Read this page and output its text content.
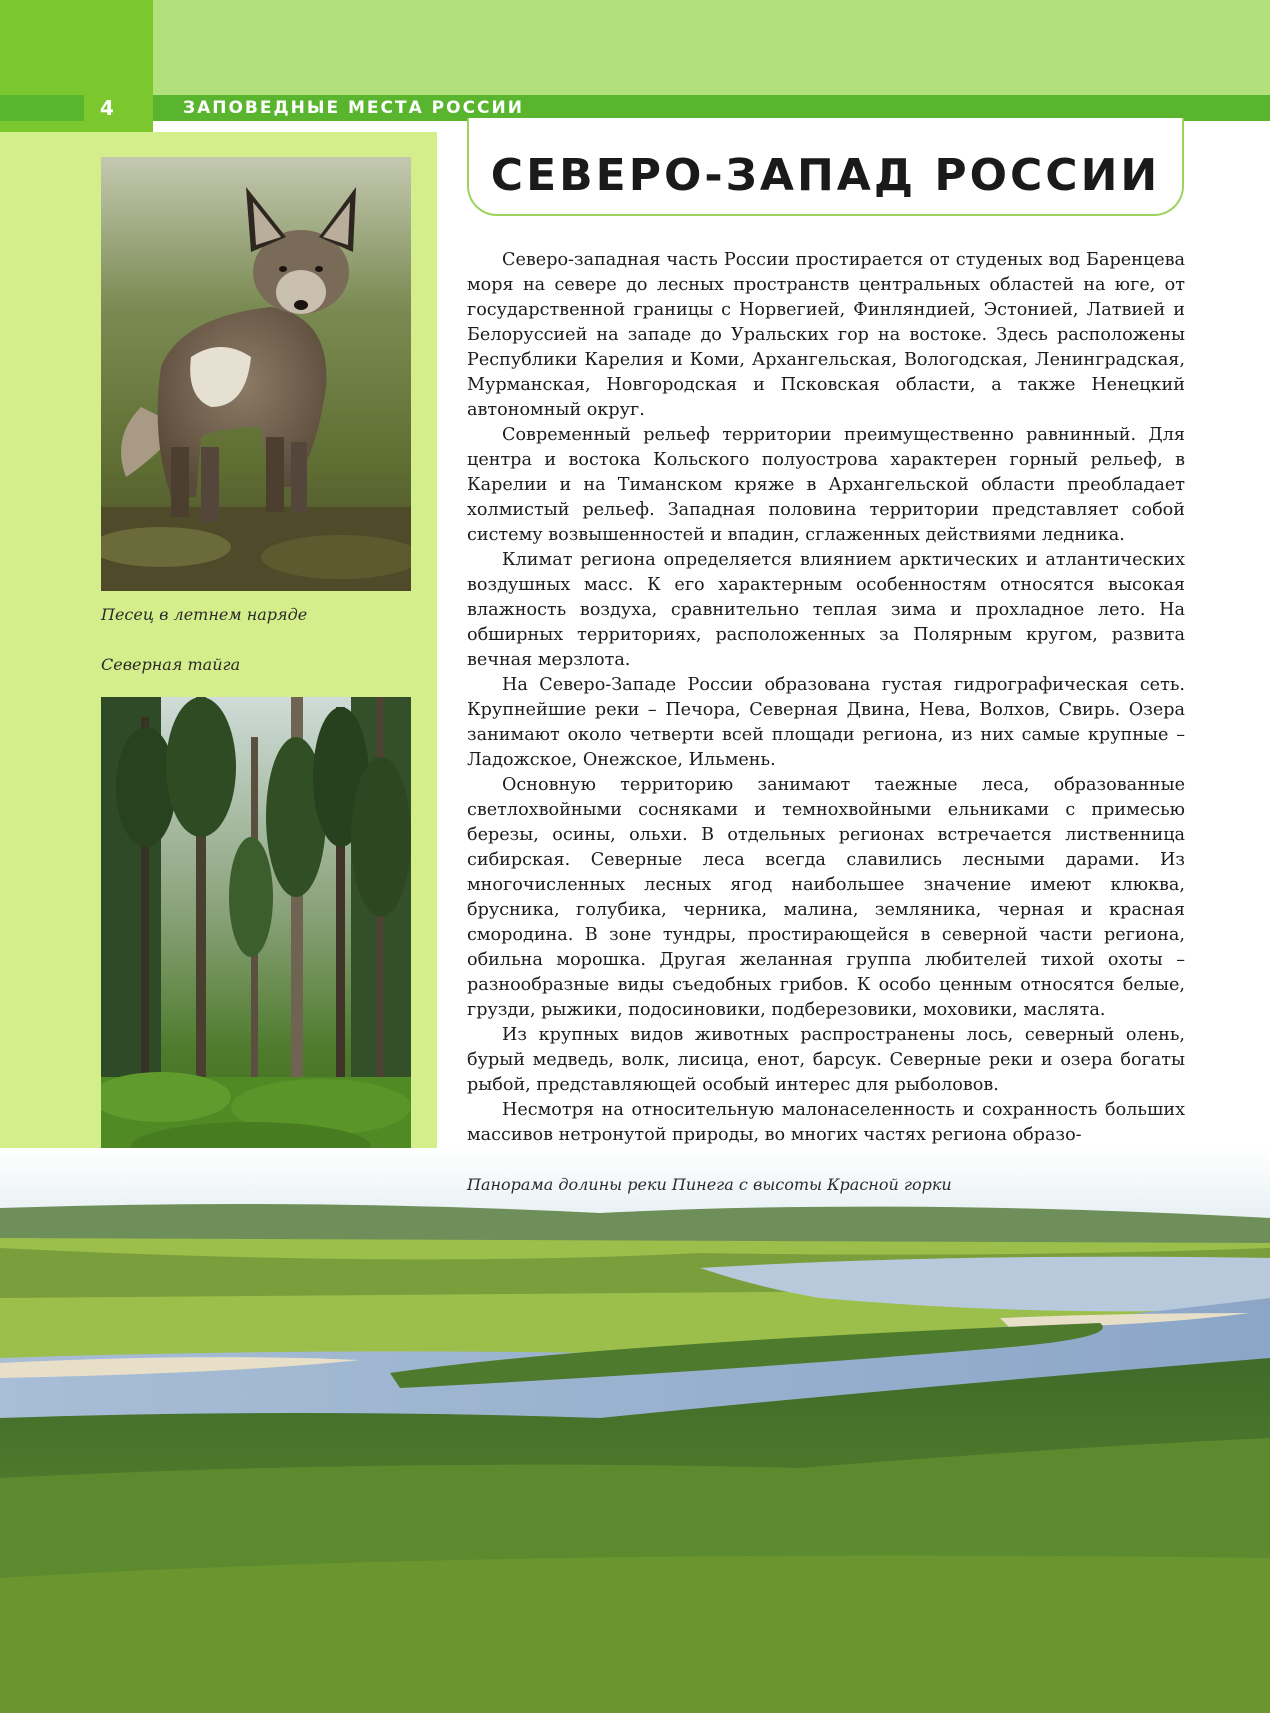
4	ЗАПОВЕДНЫЕ МЕСТА РОССИИ
Песец в летнем наряде
Северная тайга
СЕВЕРО-ЗАПАД РОССИИ

Северо-западная часть России простирается от студеных вод Баренцева моря на севере до лесных пространств центральных областей на юге, от государственной границы с Норвегией, Финляндией, Эстонией, Латвией и Белоруссией на западе до Уральских гор на востоке. Здесь расположены Республики Карелия и Коми, Архангельская, Вологодская, Ленинградская, Мурманская, Новгородская и Псковская области, а также Ненецкий автономный округ.

Современный рельеф территории преимущественно равнинный. Для центра и востока Кольского полуострова характерен горный рельеф, в Карелии и на Тиманском кряже в Архангельской области преобладает холмистый рельеф. Западная половина территории представляет собой систему возвышенностей и впадин, сглаженных действиями ледника.

Климат региона определяется влиянием арктических и атлантических воздушных масс. К его характерным особенностям относятся высокая влажность воздуха, сравнительно теплая зима и прохладное лето. На обширных территориях, расположенных за Полярным кругом, развита вечная мерзлота.

На Северо-Западе России образована густая гидрографическая сеть. Крупнейшие реки – Печора, Северная Двина, Нева, Волхов, Свирь. Озера занимают около четверти всей площади региона, из них самые крупные – Ладожское, Онежское, Ильмень.

Основную территорию занимают таежные леса, образованные светлохвойными сосняками и темнохвойными ельниками с примесью березы, осины, ольхи. В отдельных регионах встречается лиственница сибирская. Северные леса всегда славились лесными дарами. Из многочисленных лесных ягод наибольшее значение имеют клюква, брусника, голубика, черника, малина, земляника, черная и красная смородина. В зоне тундры, простирающейся в северной части региона, обильна морошка. Другая желанная группа любителей тихой охоты – разнообразные виды съедобных грибов. К особо ценным относятся белые, грузди, рыжики, подосиновики, подберезовики, моховики, маслята.

Из крупных видов животных распространены лось, северный олень, бурый медведь, волк, лисица, енот, барсук. Северные реки и озера богаты рыбой, представляющей особый интерес для рыболовов.

Несмотря на относительную малонаселенность и сохранность больших массивов нетронутой природы, во многих частях региона образо-

Панорама долины реки Пинега с высоты Красной горки
